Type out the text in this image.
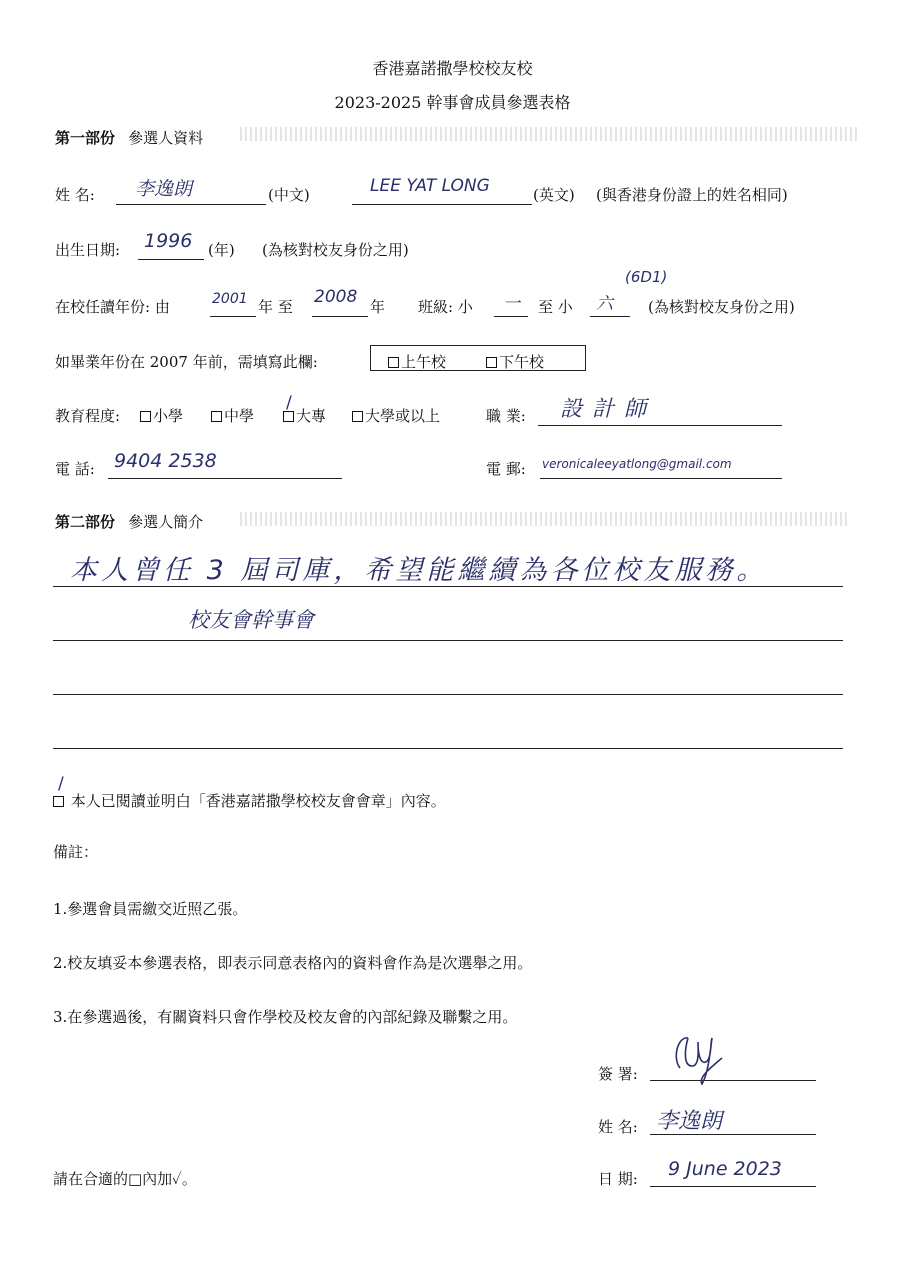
香港嘉諾撒學校校友校
2023-2025 幹事會成員參選表格
第一部份 參選人資料
姓 名: 李逸朗	(中文)	LEE YAT LONG	(英文) (與香港身份證上的姓名相同)
出生日期: 1996 (年) (為核對校友身份之用)
在校任讀年份: 由	2001 年 至 2008 年 班級: 小 一 至 小 六
(6D1)
(為核對校友身份之用)
如畢業年份在 2007 年前，需填寫此欄:	上午校	下午校
教育程度:	小學	中學	大專
/
大學或以上	職 業: 設計師
電 話: 9404 2538	電 郵: veronicaleeyatlong@gmail.com
第二部份 參選人簡介
本人曾任 3 屆司庫，希望能繼續為各位校友服務。
校友會幹事會
本人已閱讀並明白「香港嘉諾撒學校校友會會章」內容。
/
備註：
1.參選會員需繳交近照乙張。
2.校友填妥本參選表格，即表示同意表格內的資料會作為是次選舉之用。
3.在參選過後，有關資料只會作學校及校友會的內部紀錄及聯繫之用。
簽 署:
姓 名: 李逸朗
日 期: 9 June 2023
請在合適的□內加✓。
